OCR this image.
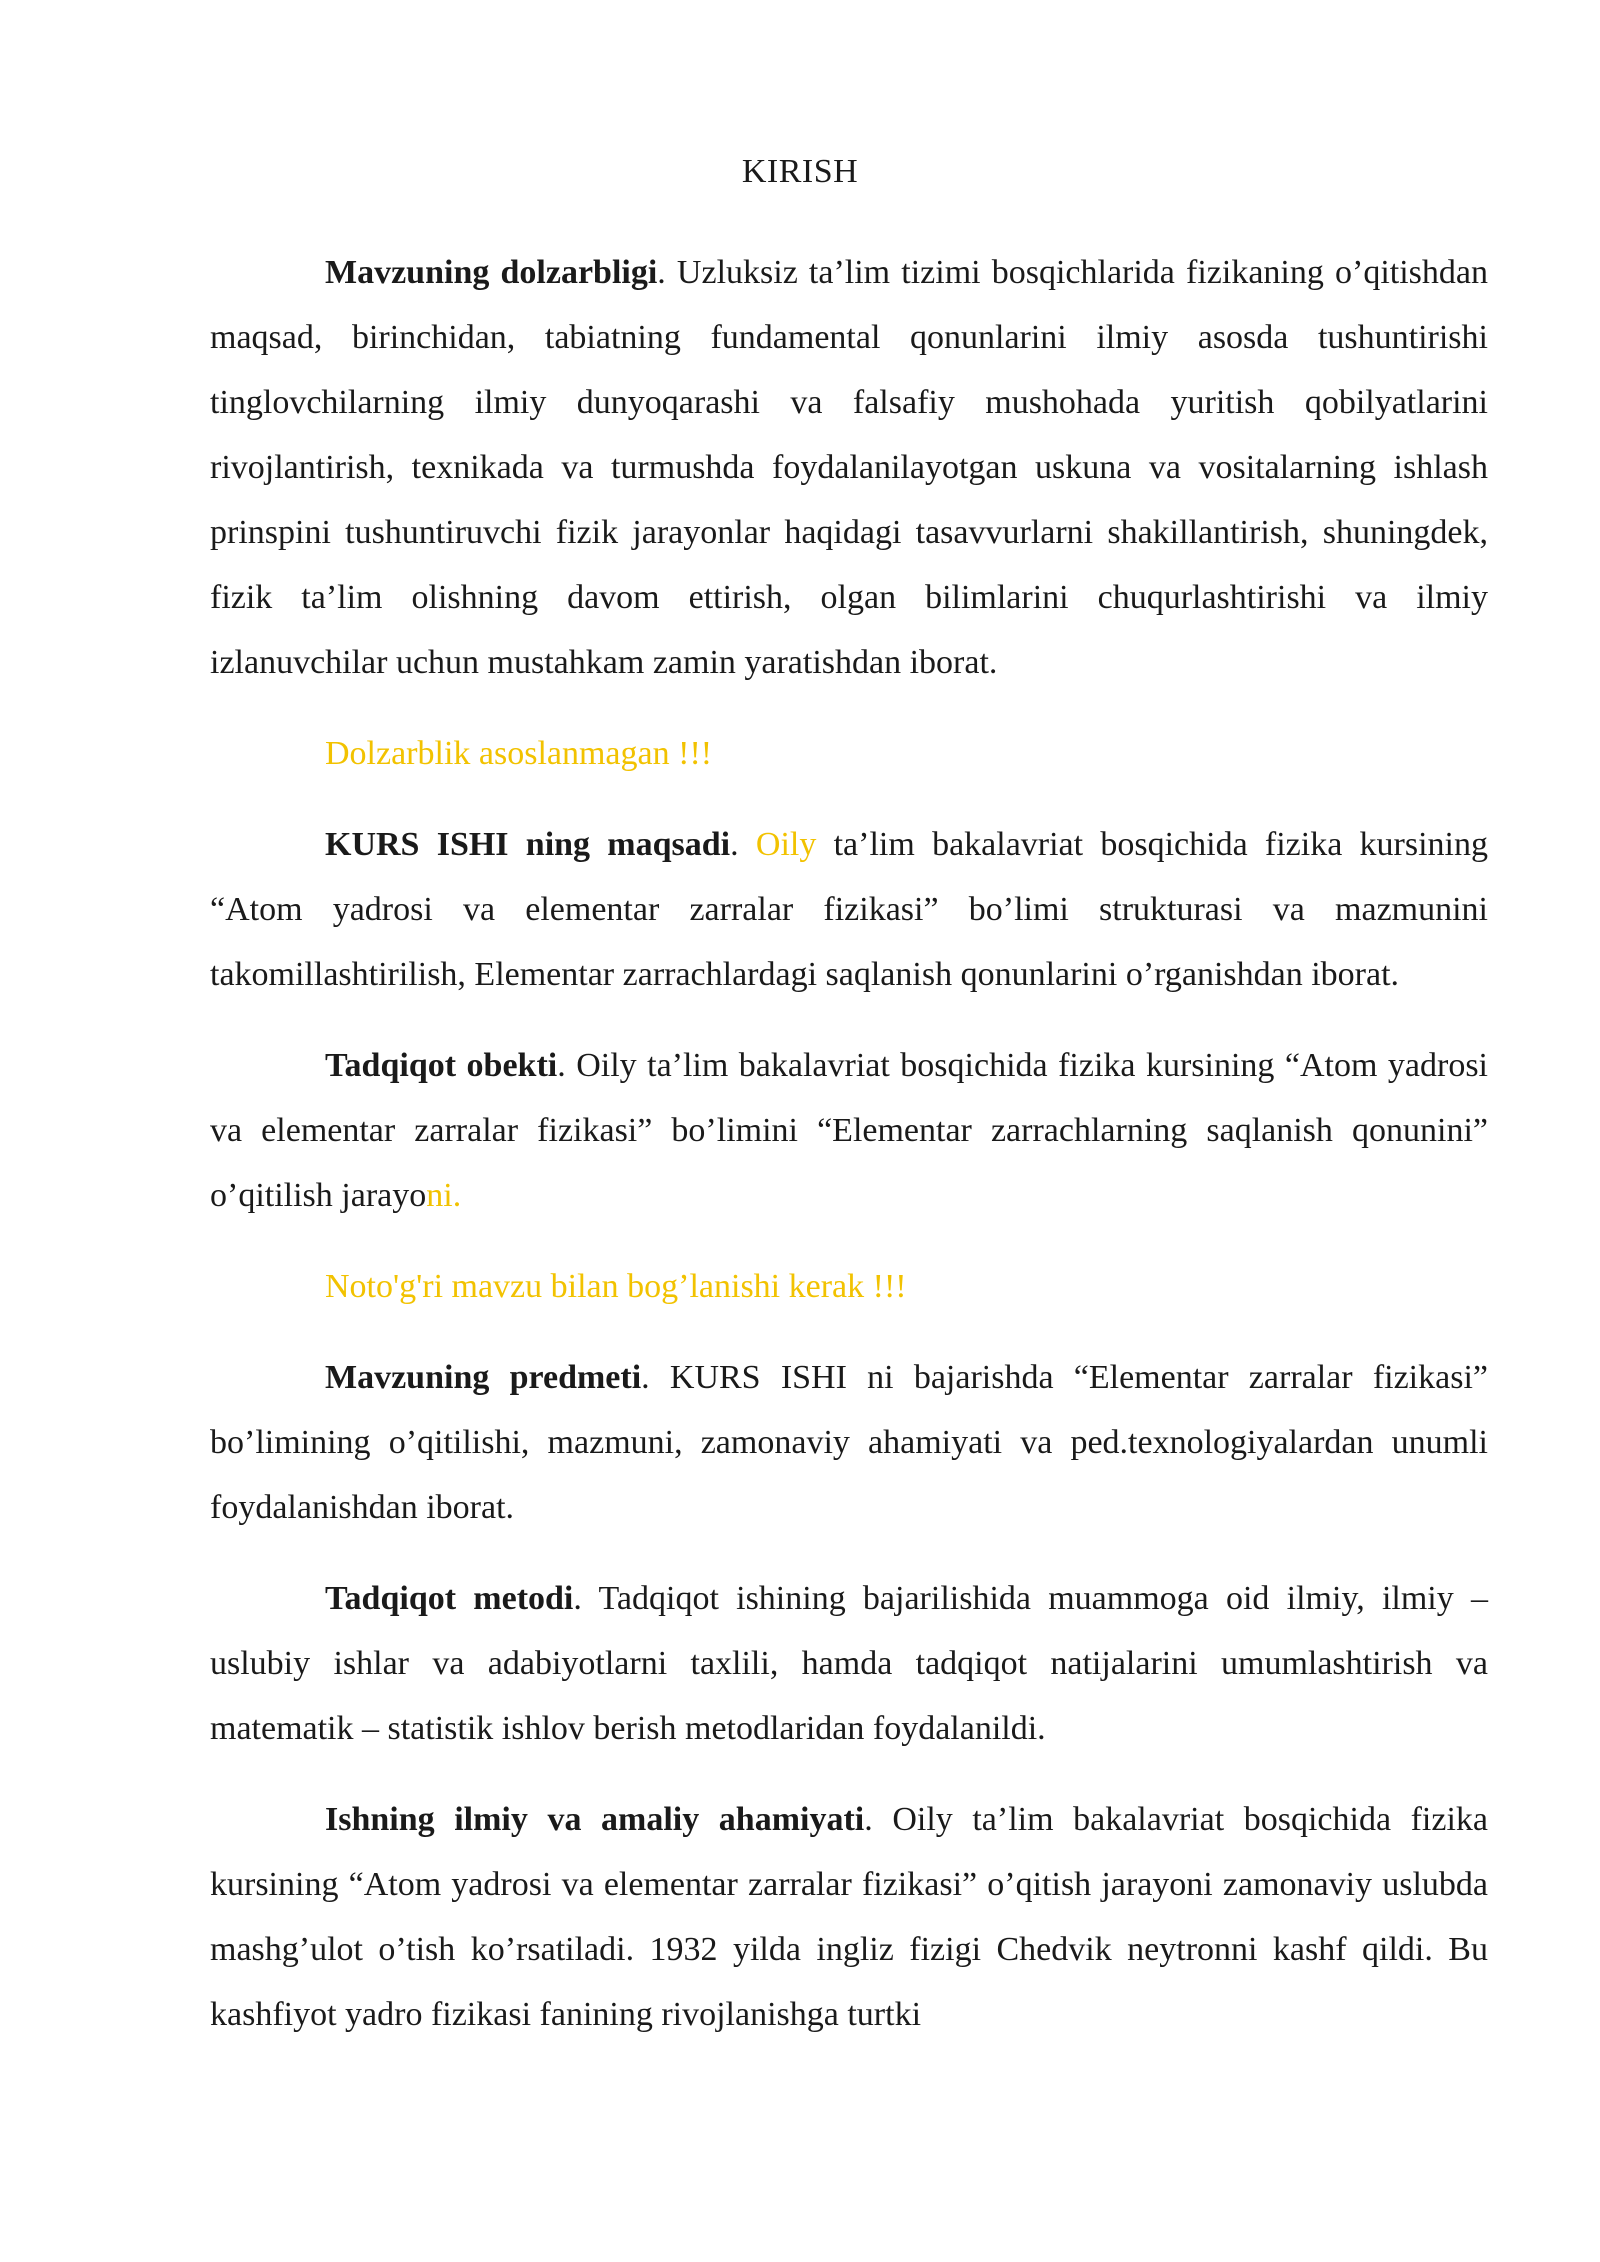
KIRISH

Mavzuning dolzarbligi. Uzluksiz ta’lim tizimi bosqichlarida fizikaning o’qitishdan maqsad, birinchidan, tabiatning fundamental qonunlarini ilmiy asosda tushuntirishi tinglovchilarning ilmiy dunyoqarashi va falsafiy mushohada yuritish qobilyatlarini rivojlantirish, texnikada va turmushda foydalanilayotgan uskuna va vositalarning ishlash prinspini tushuntiruvchi fizik jarayonlar haqidagi tasavvurlarni shakillantirish, shuningdek, fizik ta’lim olishning davom ettirish, olgan bilimlarini chuqurlashtirishi va ilmiy izlanuvchilar uchun mustahkam zamin yaratishdan iborat.

Dolzarblik asoslanmagan !!!

KURS ISHI ning maqsadi. Oily ta’lim bakalavriat bosqichida fizika kursining “Atom yadrosi va elementar zarralar fizikasi” bo’limi strukturasi va mazmunini takomillashtirilish, Elementar zarrachlardagi saqlanish qonunlarini o’rganishdan iborat.

Tadqiqot obekti. Oily ta’lim bakalavriat bosqichida fizika kursining “Atom yadrosi va elementar zarralar fizikasi” bo’limini “Elementar zarrachlarning saqlanish qonunini” o’qitilish jarayoni.

Noto'g'ri mavzu bilan bog’lanishi kerak !!!

Mavzuning predmeti. KURS ISHI ni bajarishda “Elementar zarralar fizikasi” bo’limining o’qitilishi, mazmuni, zamonaviy ahamiyati va ped.texnologiyalardan unumli foydalanishdan iborat.

Tadqiqot metodi. Tadqiqot ishining bajarilishida muammoga oid ilmiy, ilmiy – uslubiy ishlar va adabiyotlarni taxlili, hamda tadqiqot natijalarini umumlashtirish va matematik – statistik ishlov berish metodlaridan foydalanildi.

Ishning ilmiy va amaliy ahamiyati. Oily ta’lim bakalavriat bosqichida fizika kursining “Atom yadrosi va elementar zarralar fizikasi” o’qitish jarayoni zamonaviy uslubda mashg’ulot o’tish ko’rsatiladi. 1932 yilda ingliz fizigi Chedvik neytronni kashf qildi. Bu kashfiyot yadro fizikasi fanining rivojlanishga turtki
